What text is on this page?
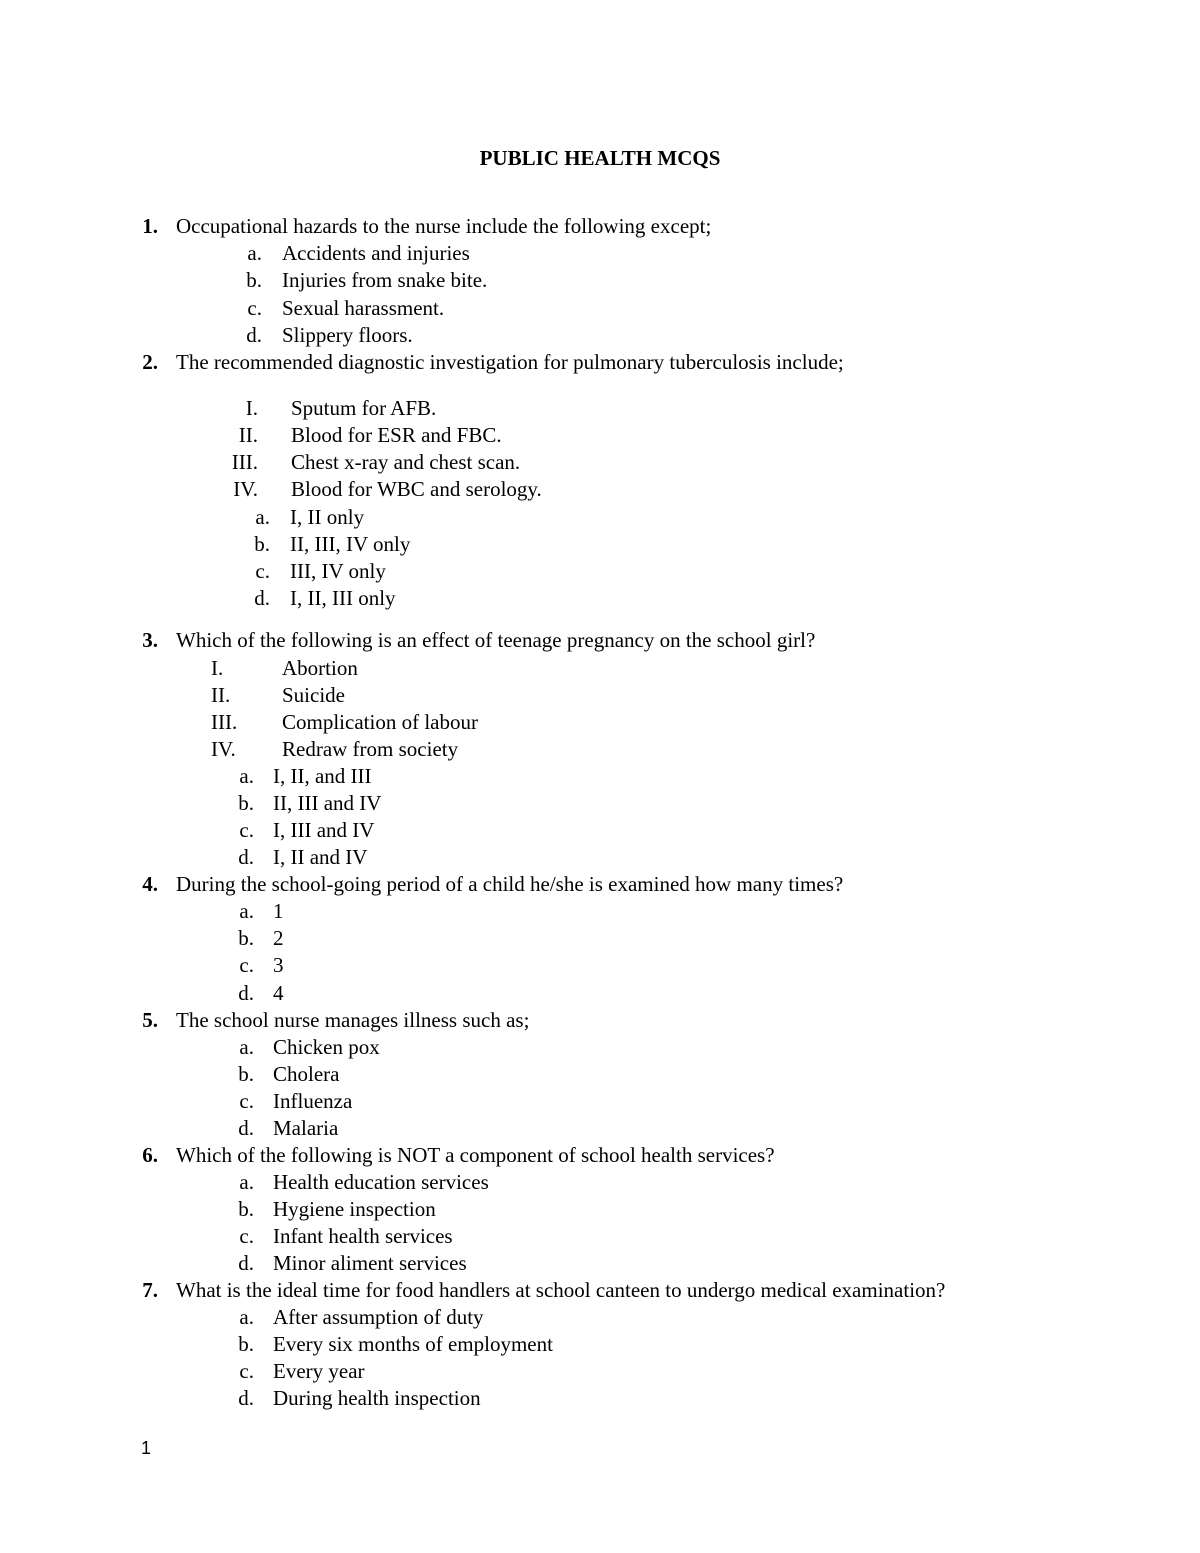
PUBLIC HEALTH MCQS
1. Occupational hazards to the nurse include the following except;
a. Accidents and injuries
b. Injuries from snake bite.
c. Sexual harassment.
d. Slippery floors.
2. The recommended diagnostic investigation for pulmonary tuberculosis include;
I. Sputum for AFB.
II. Blood for ESR and FBC.
III. Chest x-ray and chest scan.
IV. Blood for WBC and serology.
a. I, II only
b. II, III, IV only
c. III, IV only
d. I, II, III only
3. Which of the following is an effect of teenage pregnancy on the school girl?
I.	Abortion
II. Suicide
III. Complication of labour
IV. Redraw from society
a. I, II, and III
b. II, III and IV
c. I, III and IV
d. I, II and IV
4. During the school-going period of a child he/she is examined how many times?
a. 1
b. 2
c. 3
d. 4
5. The school nurse manages illness such as;
a. Chicken pox
b. Cholera
c. Influenza
d. Malaria
6. Which of the following is NOT a component of school health services?
a. Health education services
b. Hygiene inspection
c. Infant health services
d. Minor aliment services
7. What is the ideal time for food handlers at school canteen to undergo medical examination?
a. After assumption of duty
b. Every six months of employment
c. Every year
d. During health inspection
1
